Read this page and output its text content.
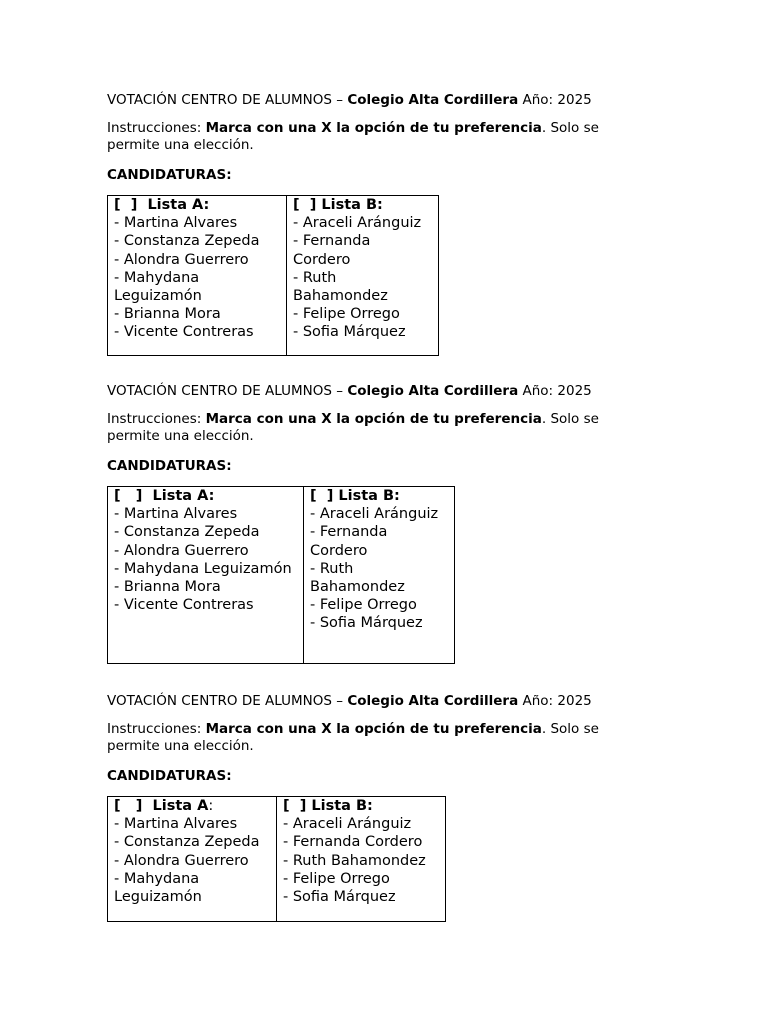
VOTACIÓN CENTRO DE ALUMNOS – Colegio Alta Cordillera Año: 2025
Instrucciones: Marca con una X la opción de tu preferencia. Solo se permite una elección.
CANDIDATURAS:
[  ]  Lista A:
- Martina Alvares
- Constanza Zepeda
- Alondra Guerrero
- Mahydana Leguizamón
- Brianna Mora
- Vicente Contreras

[  ] Lista B:
- Araceli Aránguiz
- Fernanda Cordero
- Ruth Bahamondez
- Felipe Orrego
- Sofia Márquez
VOTACIÓN CENTRO DE ALUMNOS – Colegio Alta Cordillera Año: 2025
Instrucciones: Marca con una X la opción de tu preferencia. Solo se permite una elección.
CANDIDATURAS:
[   ]  Lista A:
- Martina Alvares
- Constanza Zepeda
- Alondra Guerrero
- Mahydana Leguizamón
- Brianna Mora
- Vicente Contreras

[  ] Lista B:
- Araceli Aránguiz
- Fernanda Cordero
- Ruth Bahamondez
- Felipe Orrego
- Sofia Márquez
VOTACIÓN CENTRO DE ALUMNOS – Colegio Alta Cordillera Año: 2025
Instrucciones: Marca con una X la opción de tu preferencia. Solo se permite una elección.
CANDIDATURAS:
[   ]  Lista A:
- Martina Alvares
- Constanza Zepeda
- Alondra Guerrero
- Mahydana Leguizamón

[  ] Lista B:
- Araceli Aránguiz
- Fernanda Cordero
- Ruth Bahamondez
- Felipe Orrego
- Sofia Márquez
